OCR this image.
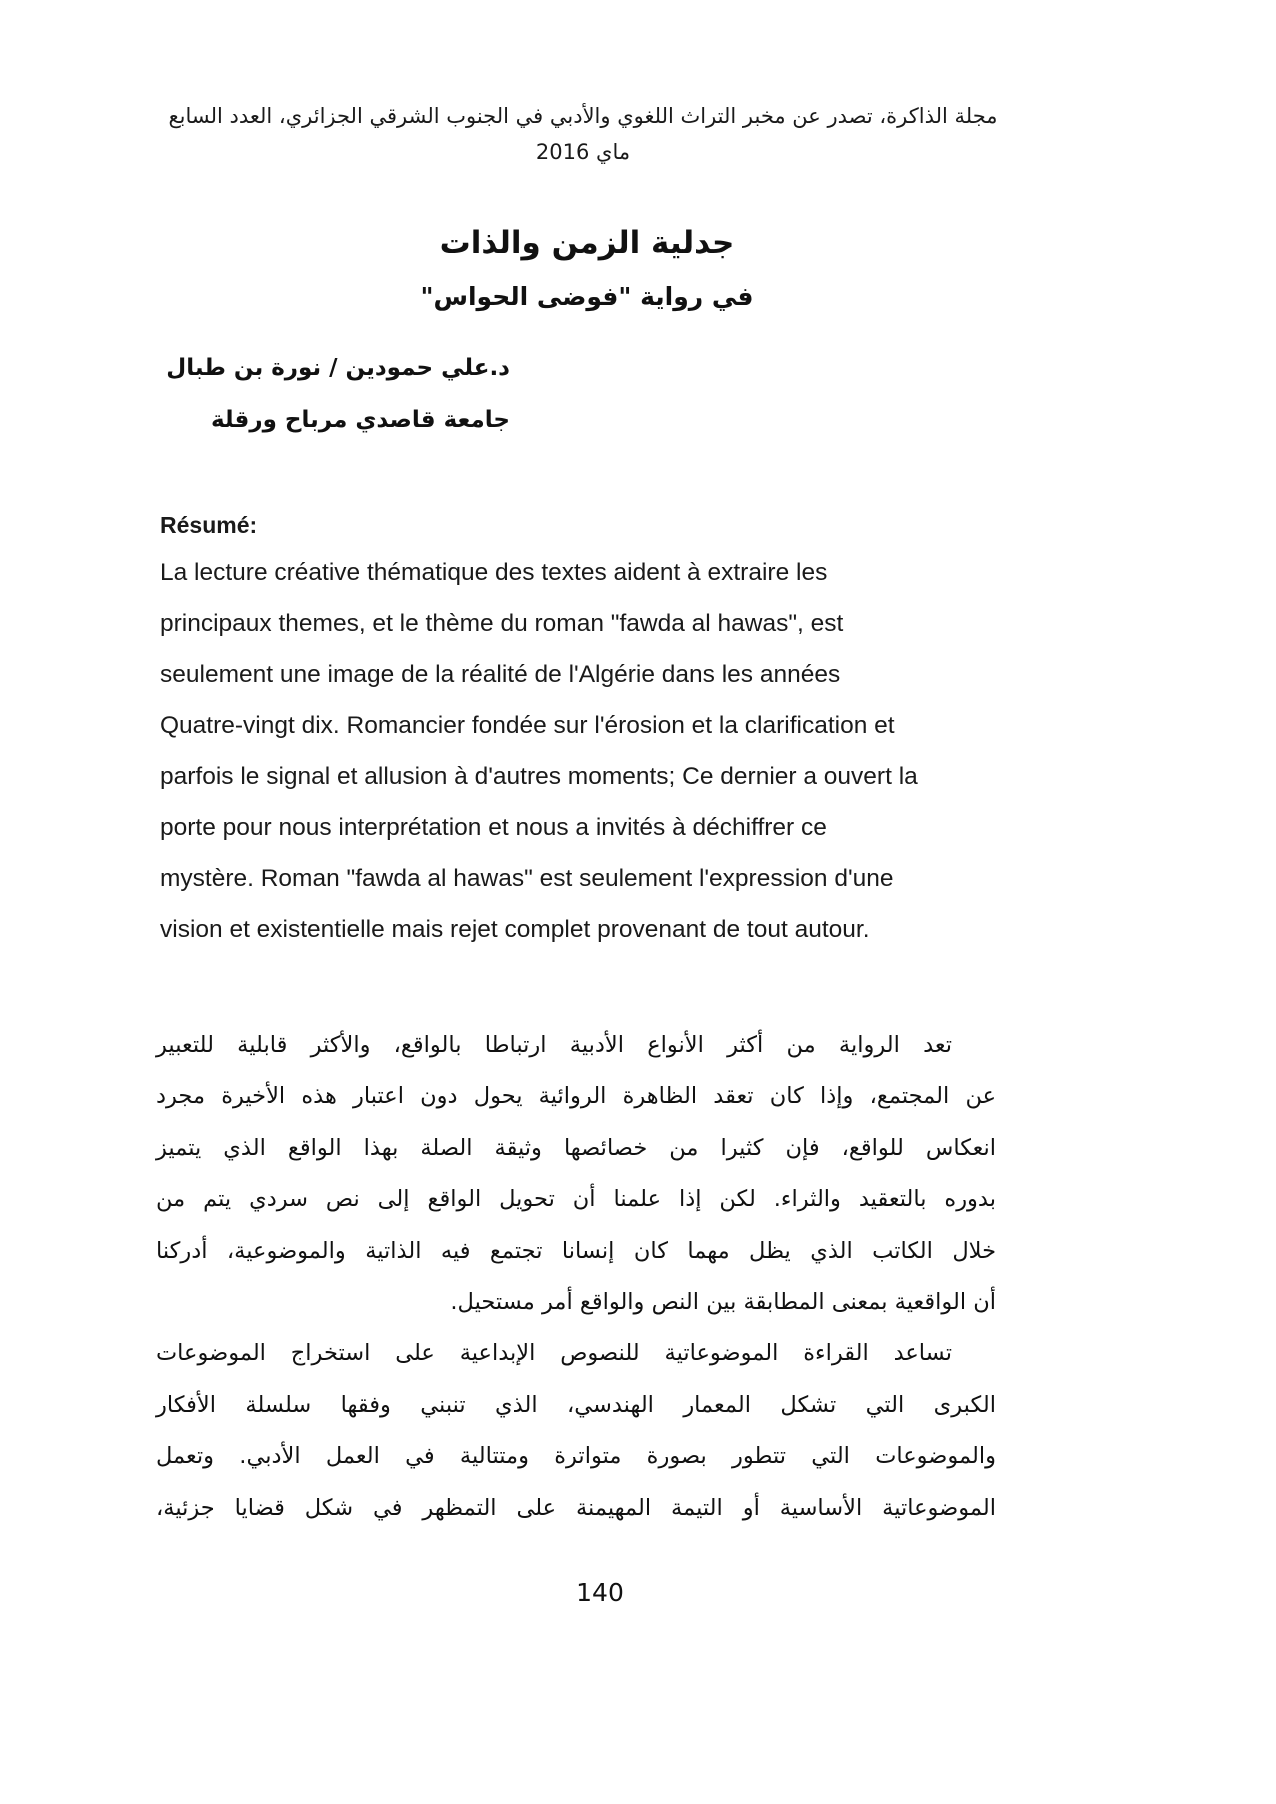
مجلة الذاكرة، تصدر عن مخبر التراث اللغوي والأدبي في الجنوب الشرقي الجزائري، العدد السابع
ماي 2016
جدلية الزمن والذات
في رواية "فوضى الحواس"
د.علي حمودين / نورة بن طبال
جامعة قاصدي مرباح ورقلة
Résumé:
La lecture créative thématique des textes aident à extraire les
principaux themes, et le thème du roman "fawda al hawas", est
seulement une image de la réalité de l'Algérie dans les années
Quatre-vingt dix. Romancier fondée sur l'érosion et la clarification et
parfois le signal et allusion à d'autres moments; Ce dernier a ouvert la
porte pour nous interprétation et nous a invités à déchiffrer ce
mystère. Roman "fawda al hawas" est seulement l'expression d'une
vision et existentielle mais rejet complet provenant de tout autour.
تعد الرواية من أكثر الأنواع الأدبية ارتباطا بالواقع، والأكثر قابلية للتعبير
عن المجتمع، وإذا كان تعقد الظاهرة الروائية يحول دون اعتبار هذه الأخيرة مجرد
انعكاس للواقع، فإن كثيرا من خصائصها وثيقة الصلة بهذا الواقع الذي يتميز
بدوره بالتعقيد والثراء. لكن إذا علمنا أن تحويل الواقع إلى نص سردي يتم من
خلال الكاتب الذي يظل مهما كان إنسانا تجتمع فيه الذاتية والموضوعية، أدركنا
أن الواقعية بمعنى المطابقة بين النص والواقع أمر مستحيل.
تساعد القراءة الموضوعاتية للنصوص الإبداعية على استخراج الموضوعات
الكبرى التي تشكل المعمار الهندسي، الذي تنبني وفقها سلسلة الأفكار
والموضوعات التي تتطور بصورة متواترة ومتتالية في العمل الأدبي. وتعمل
الموضوعاتية الأساسية أو التيمة المهيمنة على التمظهر في شكل قضايا جزئية،
140
